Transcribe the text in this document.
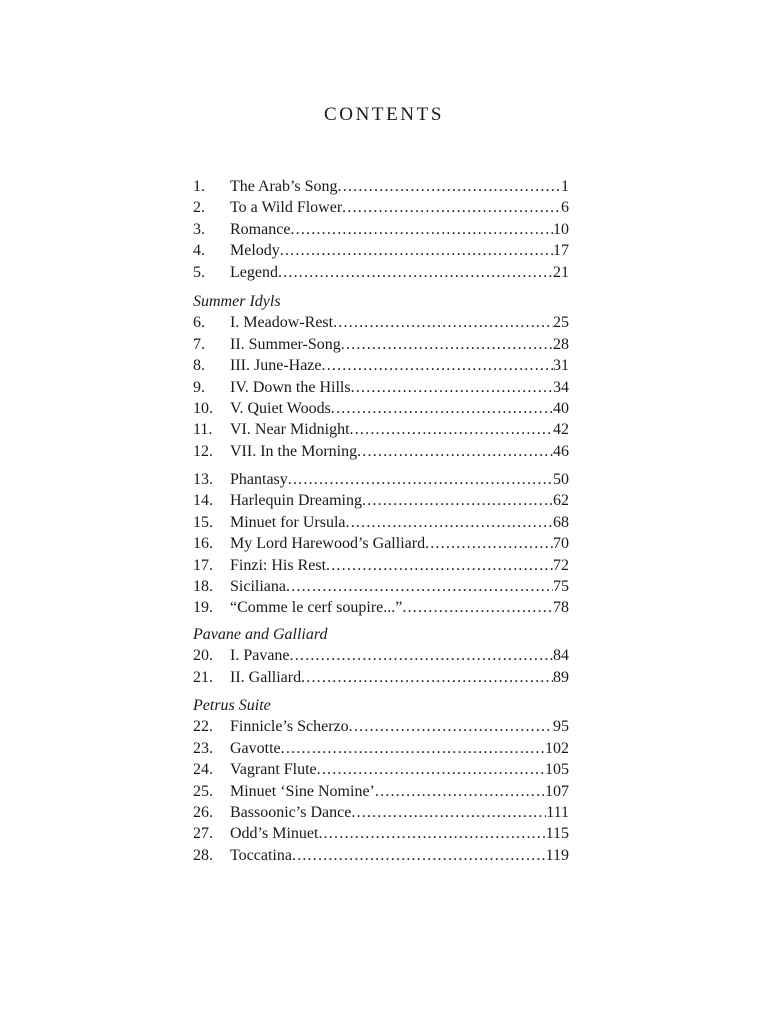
CONTENTS
1.	The Arab’s Song .....	1
2.	To a Wild Flower .....	6
3.	Romance .....	10
4.	Melody .....	17
5.	Legend .....	21
Summer Idyls
6.	I. Meadow-Rest .....	25
7.	II. Summer-Song .....	28
8.	III. June-Haze .....	31
9.	IV. Down the Hills .....	34
10.	V. Quiet Woods .....	40
11.	VI. Near Midnight .....	42
12.	VII. In the Morning .....	46
13.	Phantasy .....	50
14.	Harlequin Dreaming .....	62
15.	Minuet for Ursula .....	68
16.	My Lord Harewood’s Galliard .....	70
17.	Finzi: His Rest .....	72
18.	Siciliana .....	75
19.	“Comme le cerf soupire...” .....	78
Pavane and Galliard
20.	I. Pavane .....	84
21.	II. Galliard .....	89
Petrus Suite
22.	Finnicle’s Scherzo .....	95
23.	Gavotte .....	102
24.	Vagrant Flute .....	105
25.	Minuet ‘Sine Nomine’ .....	107
26.	Bassoonic’s Dance .....	111
27.	Odd’s Minuet .....	115
28.	Toccatina .....	119
